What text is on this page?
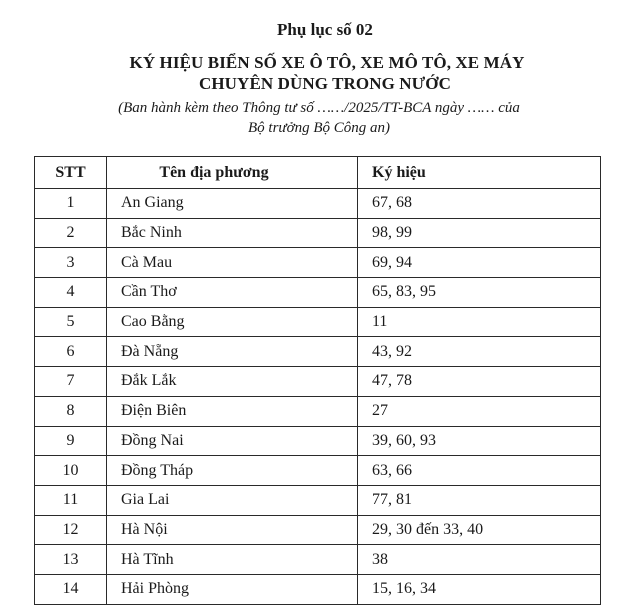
Phụ lục số 02
KÝ HIỆU BIỂN SỐ XE Ô TÔ, XE MÔ TÔ, XE MÁY
CHUYÊN DÙNG TRONG NƯỚC
(Ban hành kèm theo Thông tư số ……/2025/TT-BCA ngày …… của
Bộ trưởng Bộ Công an)
STT	Tên địa phương	Ký hiệu
1	An Giang	67, 68
2	Bắc Ninh	98, 99
3	Cà Mau	69, 94
4	Cần Thơ	65, 83, 95
5	Cao Bằng	11
6	Đà Nẵng	43, 92
7	Đắk Lắk	47, 78
8	Điện Biên	27
9	Đồng Nai	39, 60, 93
10	Đồng Tháp	63, 66
11	Gia Lai	77, 81
12	Hà Nội	29, 30 đến 33, 40
13	Hà Tĩnh	38
14	Hải Phòng	15, 16, 34
